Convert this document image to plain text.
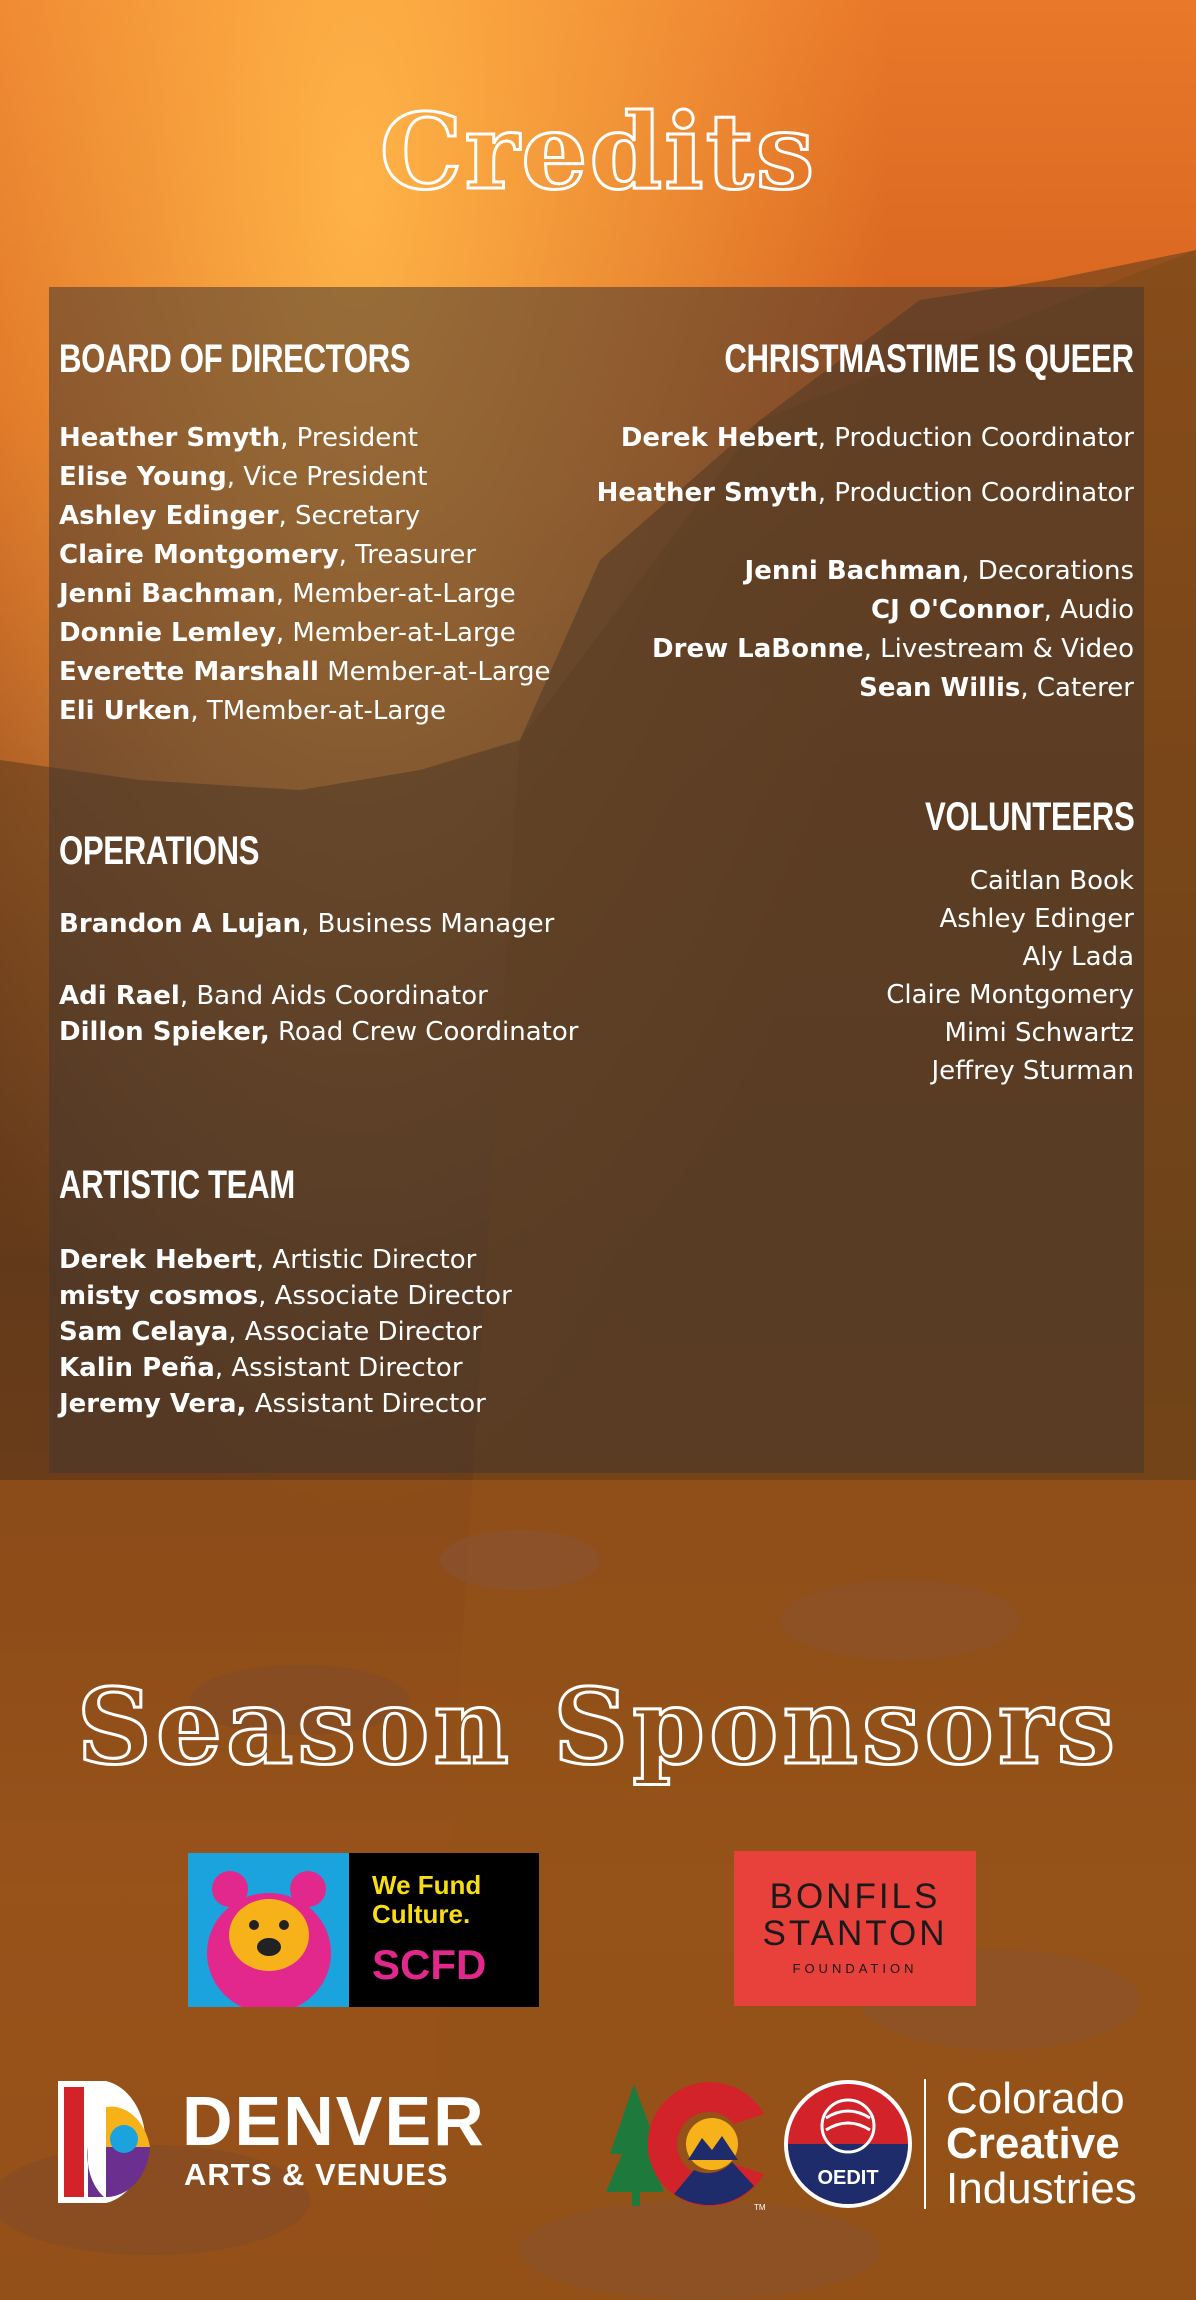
Credits
BOARD OF DIRECTORS
Heather Smyth, President
Elise Young, Vice President
Ashley Edinger, Secretary
Claire Montgomery, Treasurer
Jenni Bachman, Member-at-Large
Donnie Lemley, Member-at-Large
Everette Marshall Member-at-Large
Eli Urken, TMember-at-Large
OPERATIONS
Brandon A Lujan, Business Manager
Adi Rael, Band Aids Coordinator
Dillon Spieker, Road Crew Coordinator
ARTISTIC TEAM
Derek Hebert, Artistic Director
misty cosmos, Associate Director
Sam Celaya, Associate Director
Kalin Peña, Assistant Director
Jeremy Vera, Assistant Director
CHRISTMASTIME IS QUEER
Derek Hebert, Production Coordinator
Heather Smyth, Production Coordinator
Jenni Bachman, Decorations
CJ O'Connor, Audio
Drew LaBonne, Livestream & Video
Sean Willis, Caterer
VOLUNTEERS
Caitlan Book
Ashley Edinger
Aly Lada
Claire Montgomery
Mimi Schwartz
Jeffrey Sturman
Season Sponsors
We Fund
Culture.
SCFD
BONFILS
STANTON
FOUNDATION
DENVER
ARTS & VENUES	OEDIT
TM
Colorado
Creative
Industries
